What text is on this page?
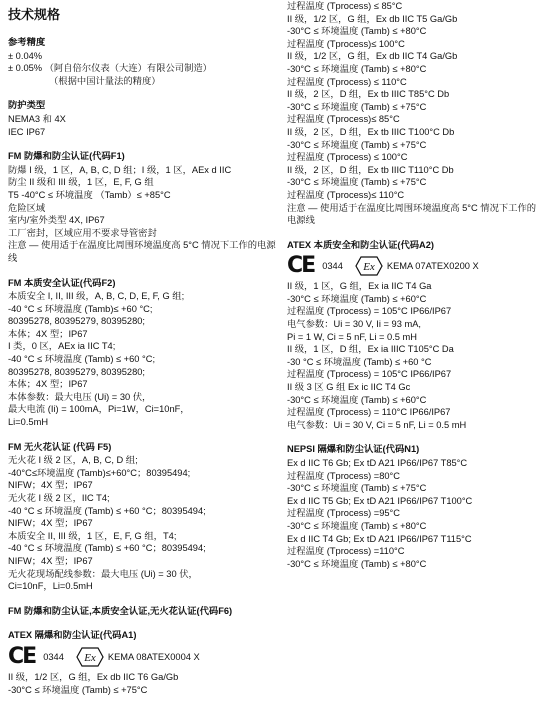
技术规格
参考精度
± 0.04%
± 0.05% （阿自倍尔仪表（大连）有限公司制造）
（根据中国计量法的精度）
防护类型
NEMA3 和 4X
IEC IP67
FM 防爆和防尘认证(代码F1)
防爆 I 级，1 区，A, B, C, D 组；I 级，1 区，AEx d IIC
防尘 II 级和 III 级，1 区，E, F, G 组
T5 -40°C ≤ 环境温度 （Tamb）≤ +85°C
危险区域
室内/室外类型 4X, IP67
工厂密封，区域应用不要求导管密封
注意 — 使用适于在温度比周围环境温度高 5°C 情况下工作的电源线
FM 本质安全认证(代码F2)
本质安全 I, II, III 级，A, B, C, D, E, F, G 组;
-40 °C ≤ 环境温度 (Tamb)≤ +60 °C;
80395278, 80395279, 80395280;
本体；4X 型；IP67
I 类，0 区，AEx ia IIC T4;
-40 °C ≤ 环境温度 (Tamb) ≤ +60 °C;
80395278, 80395279, 80395280;
本体；4X 型；IP67
本体参数：最大电压 (Ui) = 30 伏，
最大电流 (Ii) = 100mA，Pi=1W，Ci=10nF，
Li=0.5mH
FM 无火花认证 (代码 F5)
无火花 I 级 2 区，A, B, C, D 组;
-40°C≤环境温度 (Tamb)≤+60°C；80395494;
NIFW；4X 型；IP67
无火花 I 级 2 区，IIC T4;
-40 °C ≤ 环境温度 (Tamb) ≤ +60 °C；80395494;
NIFW；4X 型；IP67
本质安全 II, III 级，1 区，E, F, G 组，T4;
-40 °C ≤ 环境温度 (Tamb) ≤ +60 °C；80395494;
NIFW；4X 型；IP67
无火花现场配线参数：最大电压 (Ui) = 30 伏，
Ci=10nF，Li=0.5mH
FM 防爆和防尘认证,本质安全认证,无火花认证(代码F6)
ATEX 隔爆和防尘认证(代码A1)
CE 0344 Ex KEMA 08ATEX0004 X
II 级，1/2 区，G 组，Ex db IIC T6 Ga/Gb
-30°C ≤ 环境温度 (Tamb) ≤ +75°C
过程温度 (Tprocess) ≤ 85°C
II 级，1/2 区，G 组，Ex db IIC T5 Ga/Gb
-30°C ≤ 环境温度 (Tamb) ≤ +80°C
过程温度 (Tprocess)≤ 100°C
II 级，1/2 区，G 组，Ex db IIC T4 Ga/Gb
-30°C ≤ 环境温度 (Tamb) ≤ +80°C
过程温度 (Tprocess) ≤ 110°C
II 级，2 区，D 组，Ex tb IIIC T85°C Db
-30°C ≤ 环境温度 (Tamb) ≤ +75°C
过程温度 (Tprocess)≤ 85°C
II 级，2 区，D 组，Ex tb IIIC T100°C Db
-30°C ≤ 环境温度 (Tamb) ≤ +75°C
过程温度 (Tprocess) ≤ 100°C
II 级，2 区，D 组，Ex tb IIIC T110°C Db
-30°C ≤ 环境温度 (Tamb) ≤ +75°C
过程温度 (Tprocess)≤ 110°C
注意 — 使用适于在温度比周围环境温度高 5°C 情况下工作的电源线
ATEX 本质安全和防尘认证(代码A2)
CE 0344 Ex KEMA 07ATEX0200 X
II 级，1 区，G 组，Ex ia IIC T4 Ga
-30°C ≤ 环境温度 (Tamb) ≤ +60°C
过程温度 (Tprocess) = 105°C IP66/IP67
电气参数：Ui = 30 V, Ii = 93 mA,
Pi = 1 W, Ci = 5 nF, Li = 0.5 mH
II 级，1 区，D 组，Ex ia IIIC T105°C Da
-30 °C ≤ 环境温度 (Tamb) ≤ +60 °C
过程温度 (Tprocess) = 105°C IP66/IP67
II 级 3 区 G 组 Ex ic IIC T4 Gc
-30°C ≤ 环境温度 (Tamb) ≤ +60°C
过程温度 (Tprocess) = 110°C IP66/IP67
电气参数：Ui = 30 V, Ci = 5 nF, Li = 0.5 mH
NEPSI 隔爆和防尘认证(代码N1)
Ex d IIC T6 Gb; Ex tD A21 IP66/IP67 T85°C
过程温度 (Tprocess) =80°C
-30°C ≤ 环境温度 (Tamb) ≤ +75°C
Ex d IIC T5 Gb; Ex tD A21 IP66/IP67 T100°C
过程温度 (Tprocess) =95°C
-30°C ≤ 环境温度 (Tamb) ≤ +80°C
Ex d IIC T4 Gb; Ex tD A21 IP66/IP67 T115°C
过程温度 (Tprocess) =110°C
-30°C ≤ 环境温度 (Tamb) ≤ +80°C
